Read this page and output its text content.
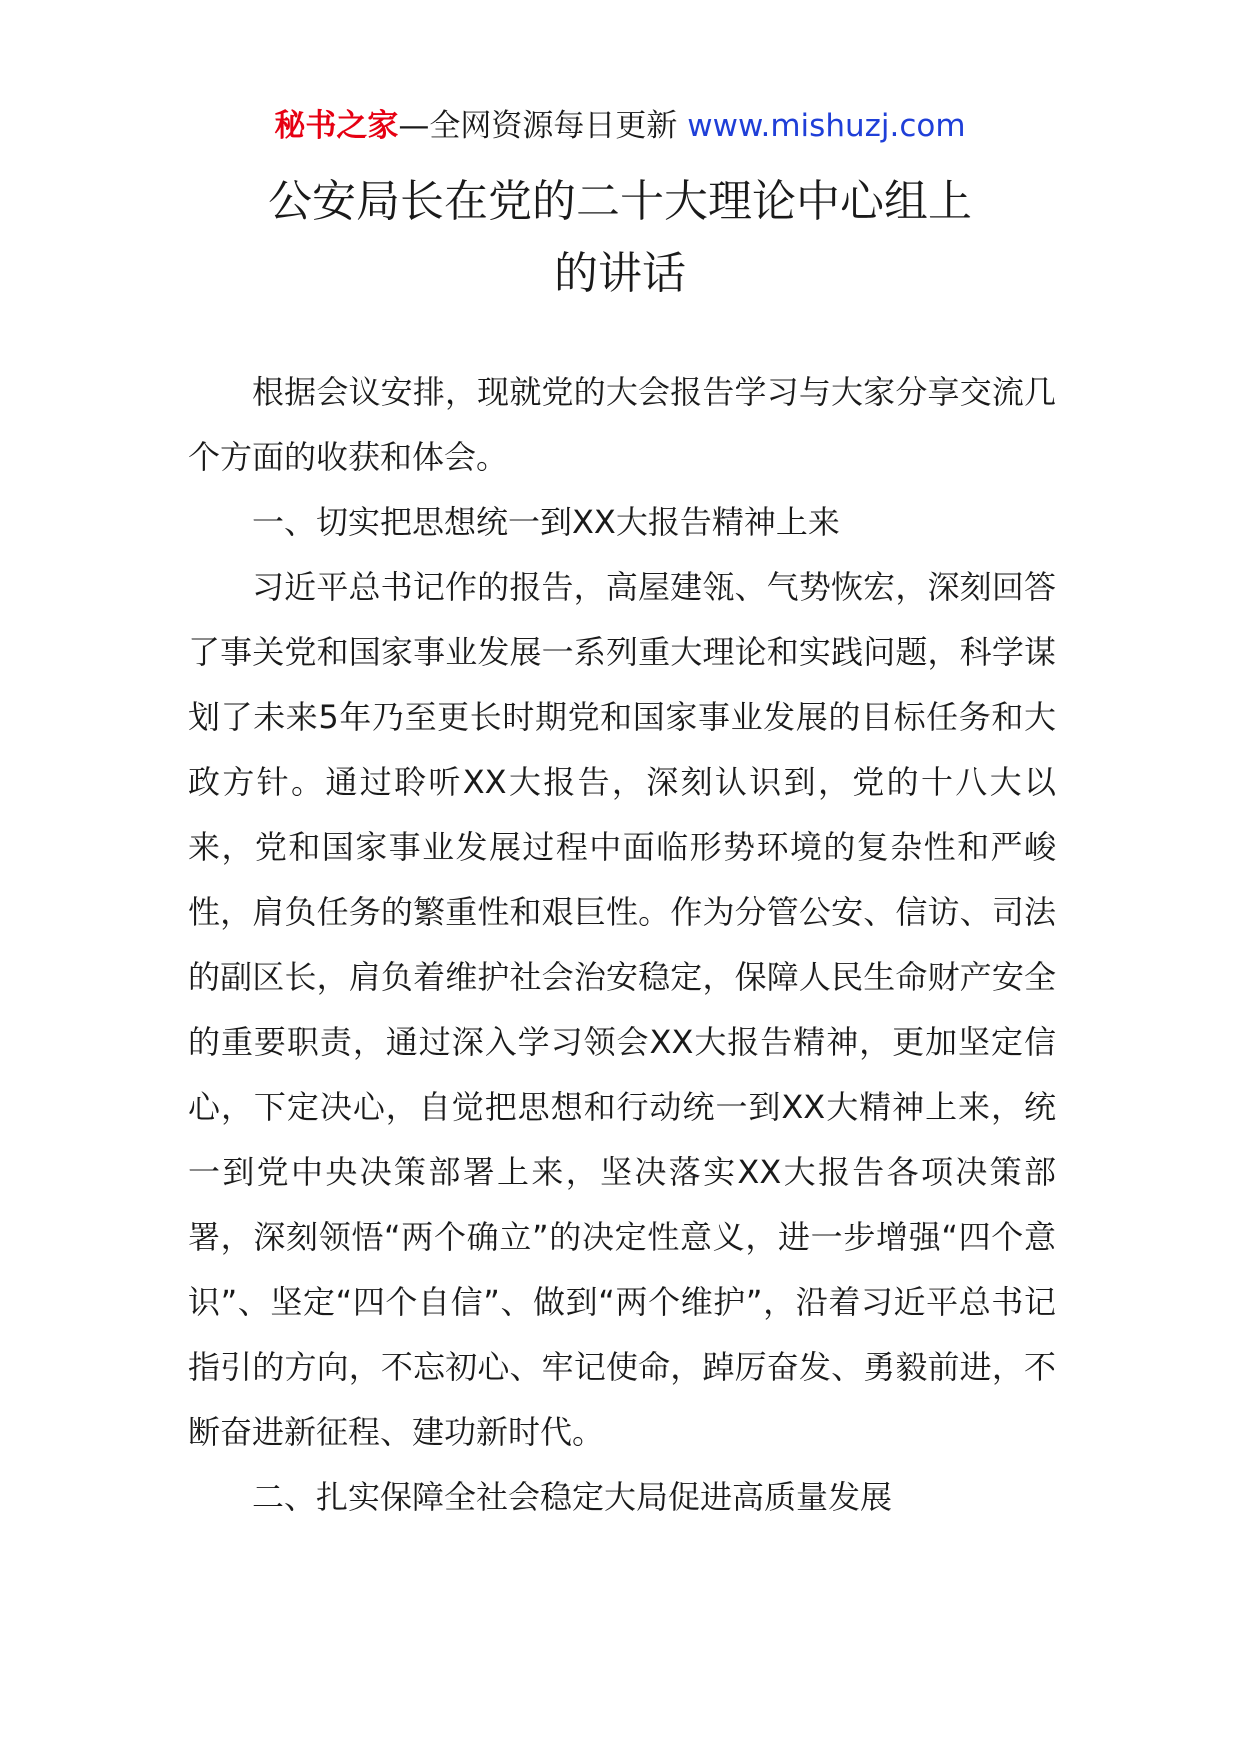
秘书之家—全网资源每日更新 www.mishuzj.com
公安局长在党的二十大理论中心组上
的讲话

根据会议安排，现就党的大会报告学习与大家分享交流几个方面的收获和体会。

一、切实把思想统一到XX大报告精神上来

习近平总书记作的报告，高屋建瓴、气势恢宏，深刻回答了事关党和国家事业发展一系列重大理论和实践问题，科学谋划了未来5年乃至更长时期党和国家事业发展的目标任务和大政方针。通过聆听XX大报告，深刻认识到，党的十八大以来，党和国家事业发展过程中面临形势环境的复杂性和严峻性，肩负任务的繁重性和艰巨性。作为分管公安、信访、司法的副区长，肩负着维护社会治安稳定，保障人民生命财产安全的重要职责，通过深入学习领会XX大报告精神，更加坚定信心，下定决心，自觉把思想和行动统一到XX大精神上来，统一到党中央决策部署上来，坚决落实XX大报告各项决策部署，深刻领悟“两个确立”的决定性意义，进一步增强“四个意识”、坚定“四个自信”、做到“两个维护”，沿着习近平总书记指引的方向，不忘初心、牢记使命，踔厉奋发、勇毅前进，不断奋进新征程、建功新时代。

二、扎实保障全社会稳定大局促进高质量发展
